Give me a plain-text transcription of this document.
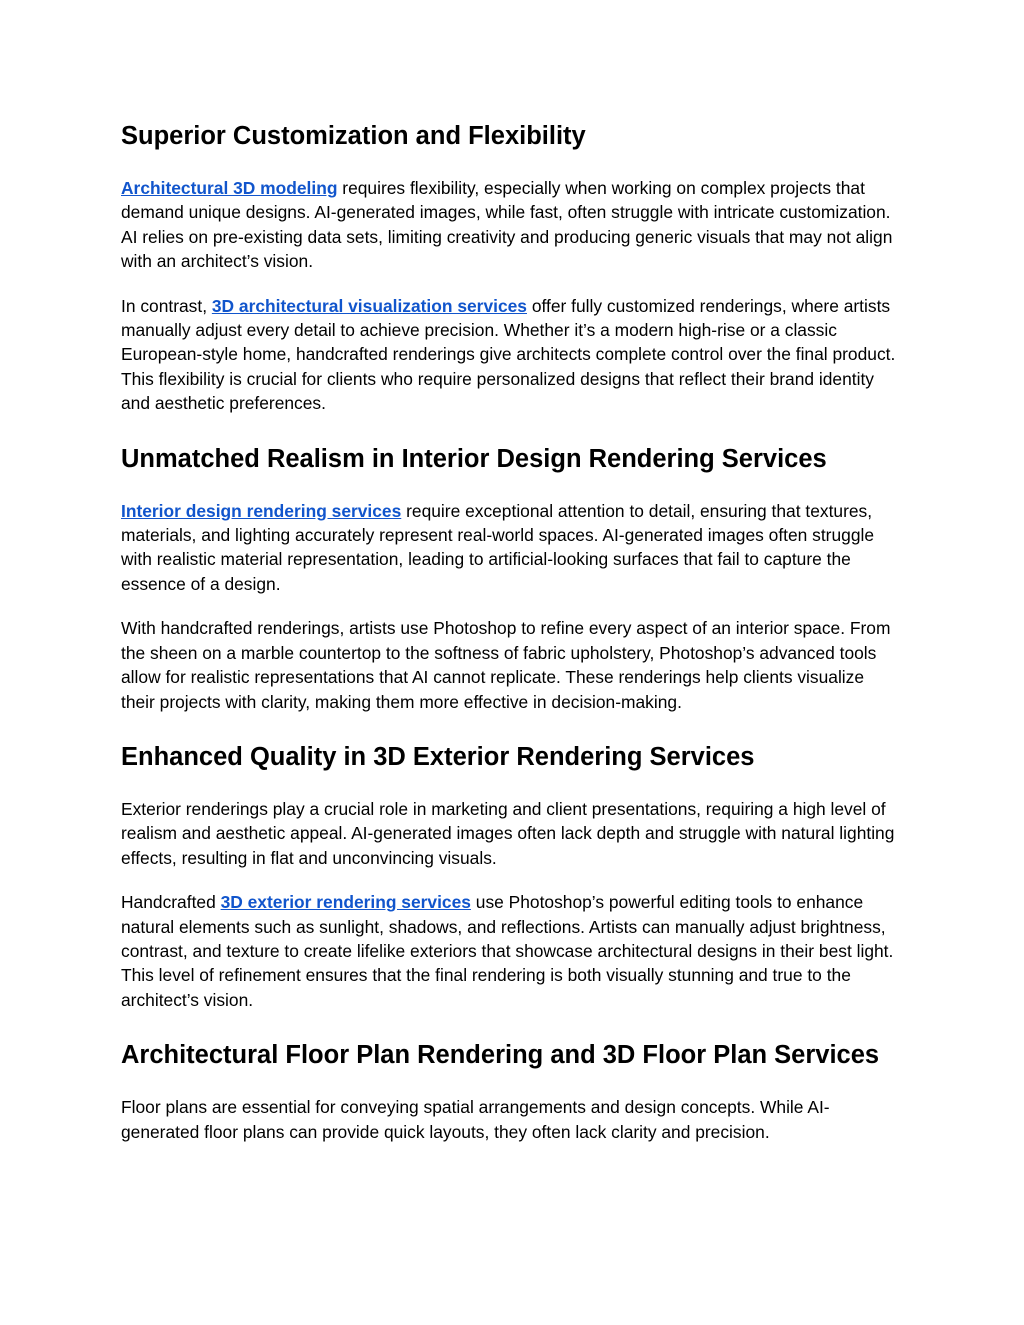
Superior Customization and Flexibility

Architectural 3D modeling requires flexibility, especially when working on complex projects that demand unique designs. AI-generated images, while fast, often struggle with intricate customization. AI relies on pre-existing data sets, limiting creativity and producing generic visuals that may not align with an architect’s vision.

In contrast, 3D architectural visualization services offer fully customized renderings, where artists manually adjust every detail to achieve precision. Whether it’s a modern high-rise or a classic European-style home, handcrafted renderings give architects complete control over the final product. This flexibility is crucial for clients who require personalized designs that reflect their brand identity and aesthetic preferences.

Unmatched Realism in Interior Design Rendering Services

Interior design rendering services require exceptional attention to detail, ensuring that textures, materials, and lighting accurately represent real-world spaces. AI-generated images often struggle with realistic material representation, leading to artificial-looking surfaces that fail to capture the essence of a design.

With handcrafted renderings, artists use Photoshop to refine every aspect of an interior space. From the sheen on a marble countertop to the softness of fabric upholstery, Photoshop’s advanced tools allow for realistic representations that AI cannot replicate. These renderings help clients visualize their projects with clarity, making them more effective in decision-making.

Enhanced Quality in 3D Exterior Rendering Services

Exterior renderings play a crucial role in marketing and client presentations, requiring a high level of realism and aesthetic appeal. AI-generated images often lack depth and struggle with natural lighting effects, resulting in flat and unconvincing visuals.

Handcrafted 3D exterior rendering services use Photoshop’s powerful editing tools to enhance natural elements such as sunlight, shadows, and reflections. Artists can manually adjust brightness, contrast, and texture to create lifelike exteriors that showcase architectural designs in their best light. This level of refinement ensures that the final rendering is both visually stunning and true to the architect’s vision.

Architectural Floor Plan Rendering and 3D Floor Plan Services

Floor plans are essential for conveying spatial arrangements and design concepts. While AI-generated floor plans can provide quick layouts, they often lack clarity and precision.
